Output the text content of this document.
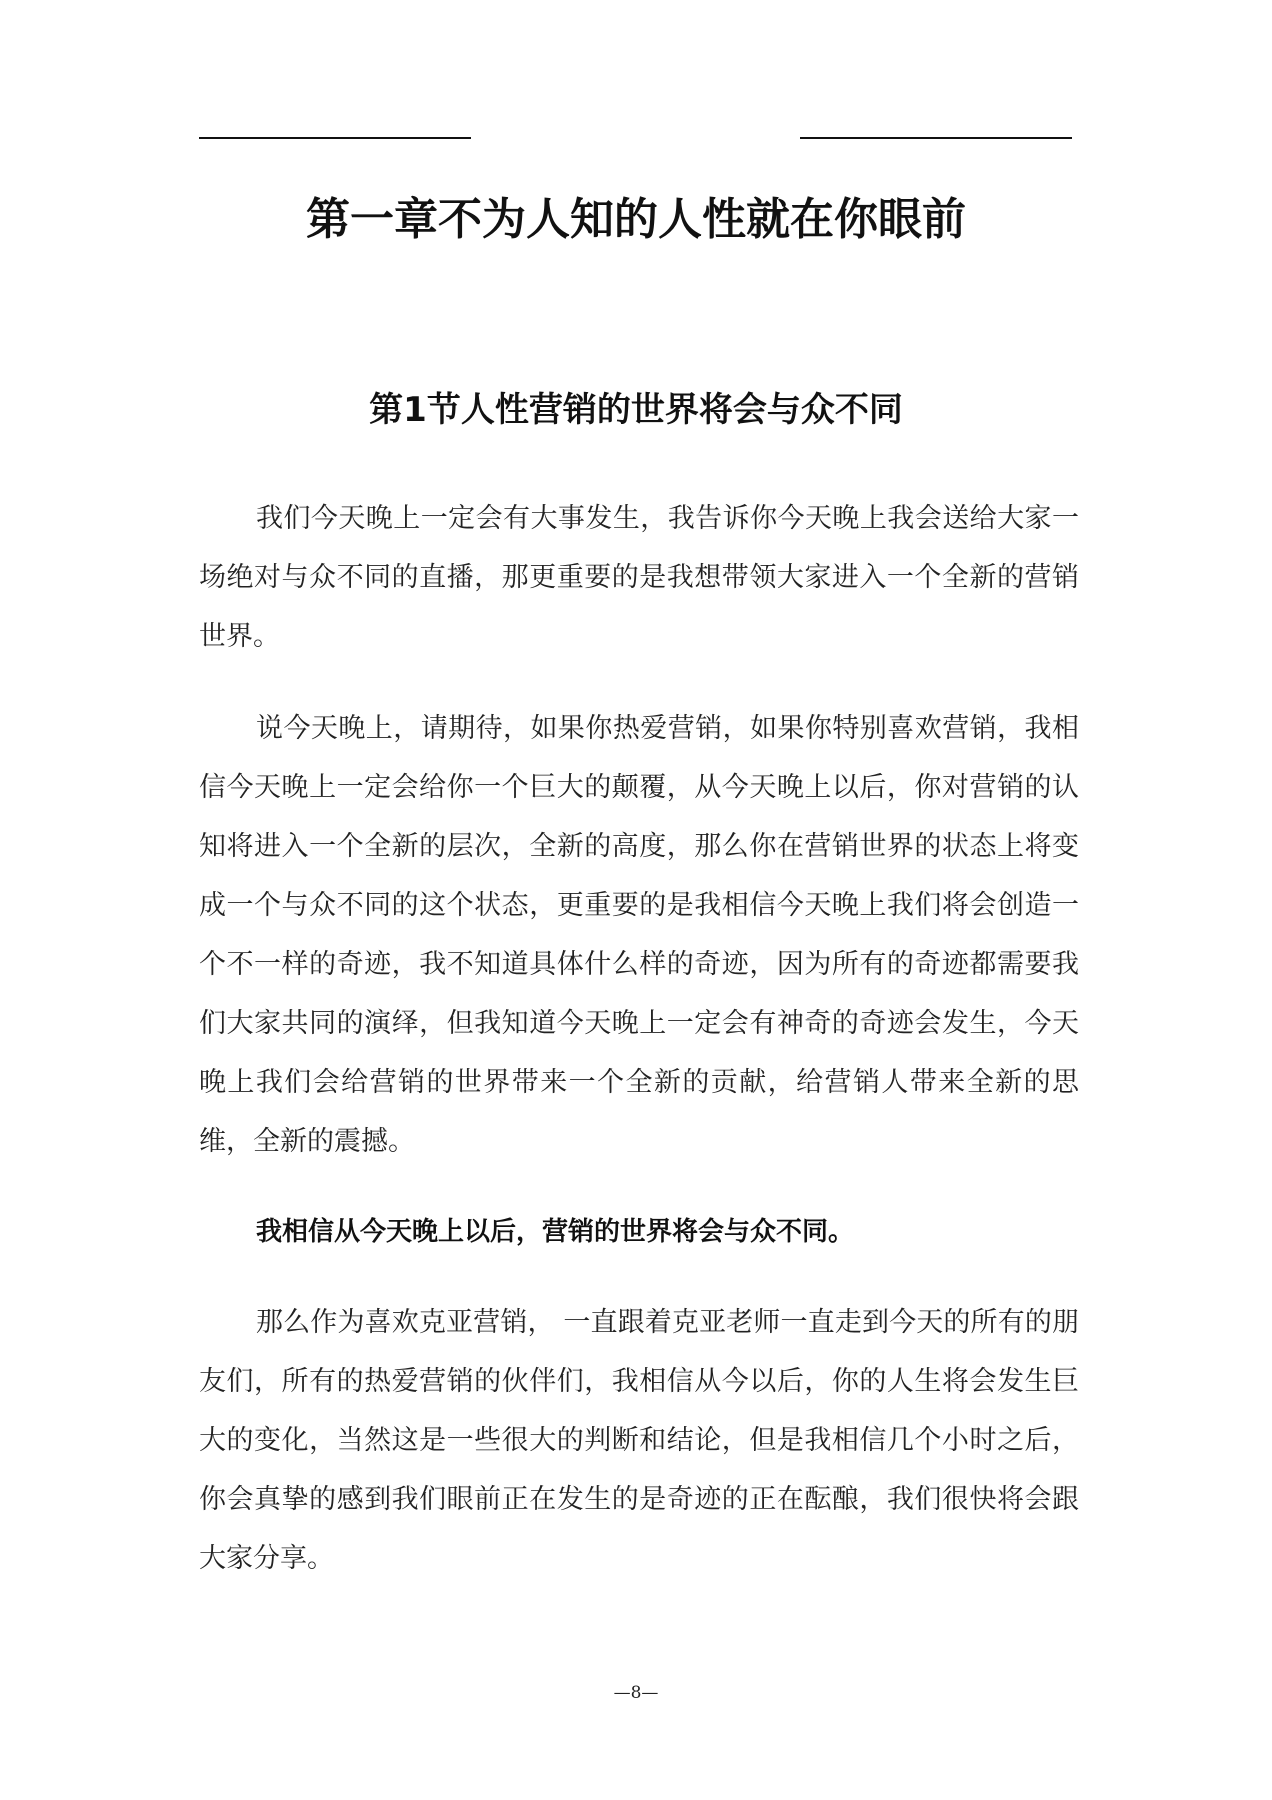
第一章不为人知的人性就在你眼前
第1节人性营销的世界将会与众不同

我们今天晚上一定会有大事发生，我告诉你今天晚上我会送给大家一场绝对与众不同的直播，那更重要的是我想带领大家进入一个全新的营销世界。

说今天晚上，请期待，如果你热爱营销，如果你特别喜欢营销，我相信今天晚上一定会给你一个巨大的颠覆，从今天晚上以后，你对营销的认知将进入一个全新的层次，全新的高度，那么你在营销世界的状态上将变成一个与众不同的这个状态，更重要的是我相信今天晚上我们将会创造一个不一样的奇迹，我不知道具体什么样的奇迹，因为所有的奇迹都需要我们大家共同的演绎，但我知道今天晚上一定会有神奇的奇迹会发生，今天晚上我们会给营销的世界带来一个全新的贡献，给营销人带来全新的思维，全新的震撼。

我相信从今天晚上以后，营销的世界将会与众不同。

那么作为喜欢克亚营销， 一直跟着克亚老师一直走到今天的所有的朋友们，所有的热爱营销的伙伴们，我相信从今以后，你的人生将会发生巨大的变化，当然这是一些很大的判断和结论，但是我相信几个小时之后，你会真挚的感到我们眼前正在发生的是奇迹的正在酝酿，我们很快将会跟大家分享。

—8—
